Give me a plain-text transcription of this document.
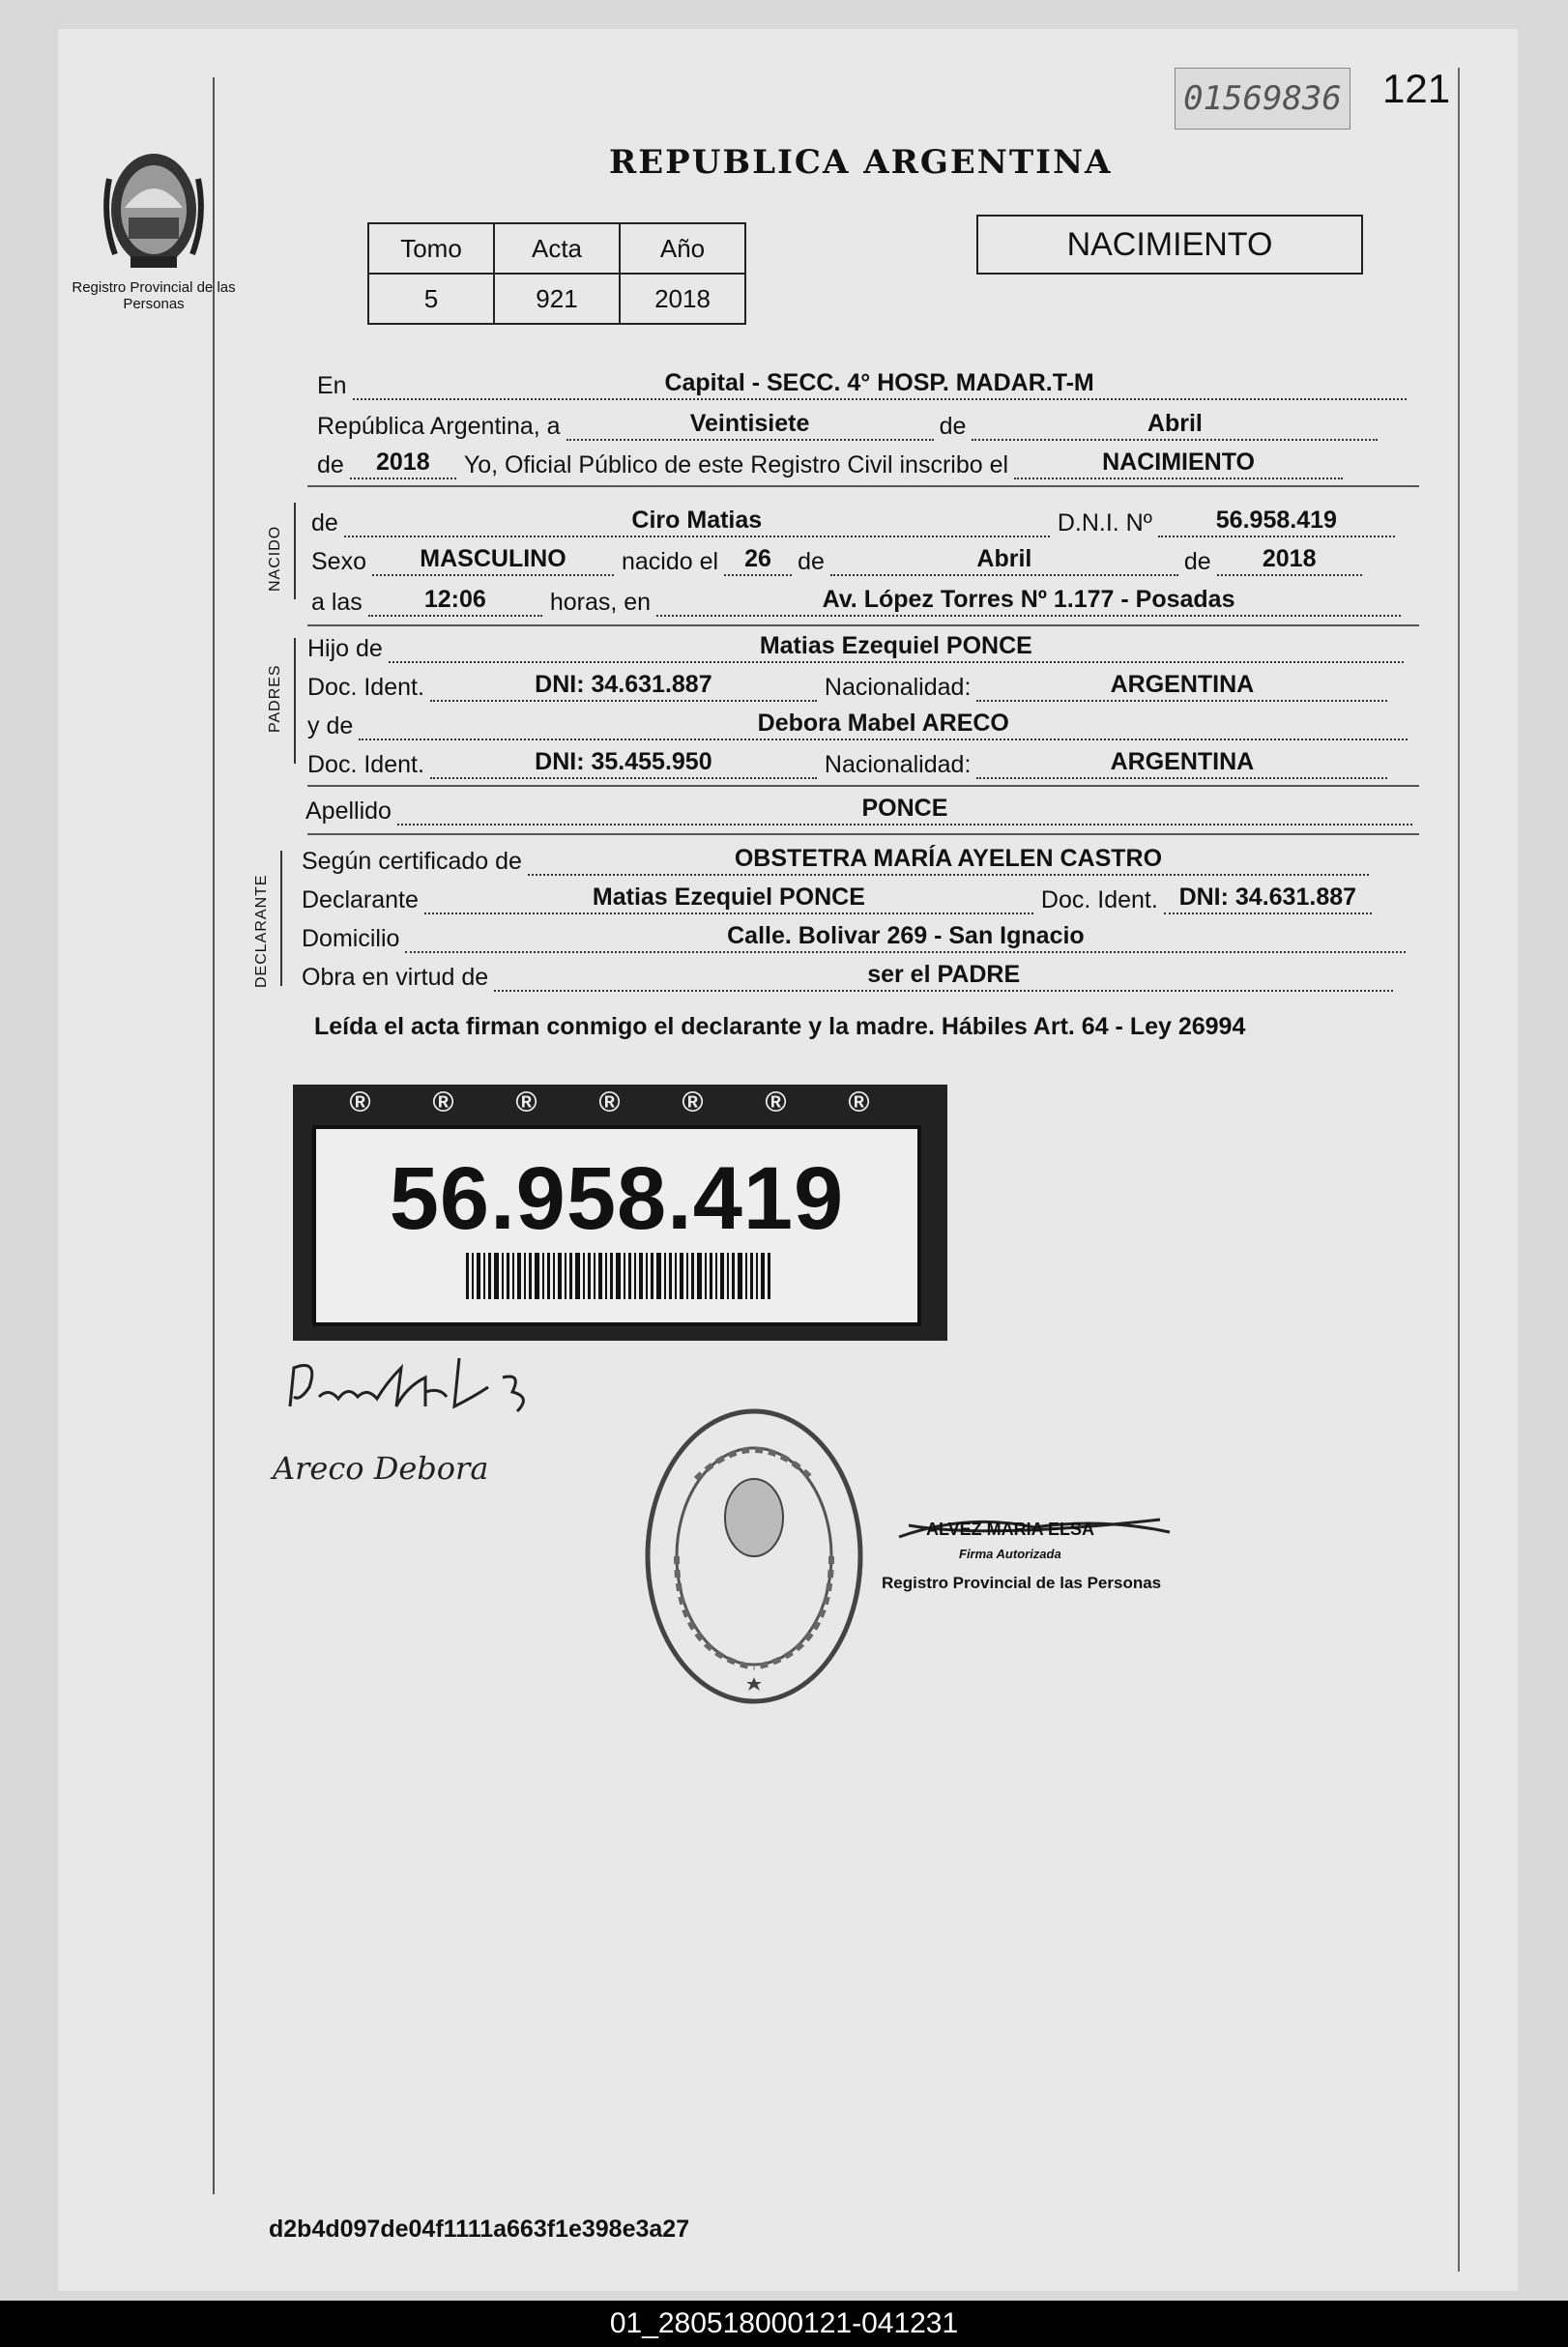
01569836 121
Registro Provincial de las Personas
REPUBLICA ARGENTINA
Tomo	Acta	Año
5	921	2018
NACIMIENTO
En	Capital - SECC. 4° HOSP. MADAR.T-M
República Argentina, a	Veintisiete	de	Abril
de	2018	Yo, Oficial Público de este Registro Civil inscribo el	NACIMIENTO
NACIDO
de	Ciro Matias	D.N.I. Nº	56.958.419
Sexo	MASCULINO	nacido el	26	de	Abril	de	2018
a las	12:06	horas, en	Av. López Torres Nº 1.177 - Posadas
PADRES
Hijo de	Matias Ezequiel PONCE
Doc. Ident.	DNI: 34.631.887	Nacionalidad:	ARGENTINA
y de	Debora Mabel ARECO
Doc. Ident.	DNI: 35.455.950	Nacionalidad:	ARGENTINA
Apellido	PONCE
DECLARANTE
Según certificado de	OBSTETRA MARÍA AYELEN CASTRO
Declarante	Matias Ezequiel PONCE	Doc. Ident. DNI: 34.631.887
Domicilio	Calle. Bolivar 269 - San Ignacio
Obra en virtud de	ser el PADRE
Leída el acta firman conmigo el declarante y la madre. Hábiles Art. 64 - Ley 26994
® ® ® ® ® ® ®
56.958.419
Areco Debora
ALVEZ MARIA ELSA
Firma Autorizada
Registro Provincial de las Personas
d2b4d097de04f1111a663f1e398e3a27
01_280518000121-041231
